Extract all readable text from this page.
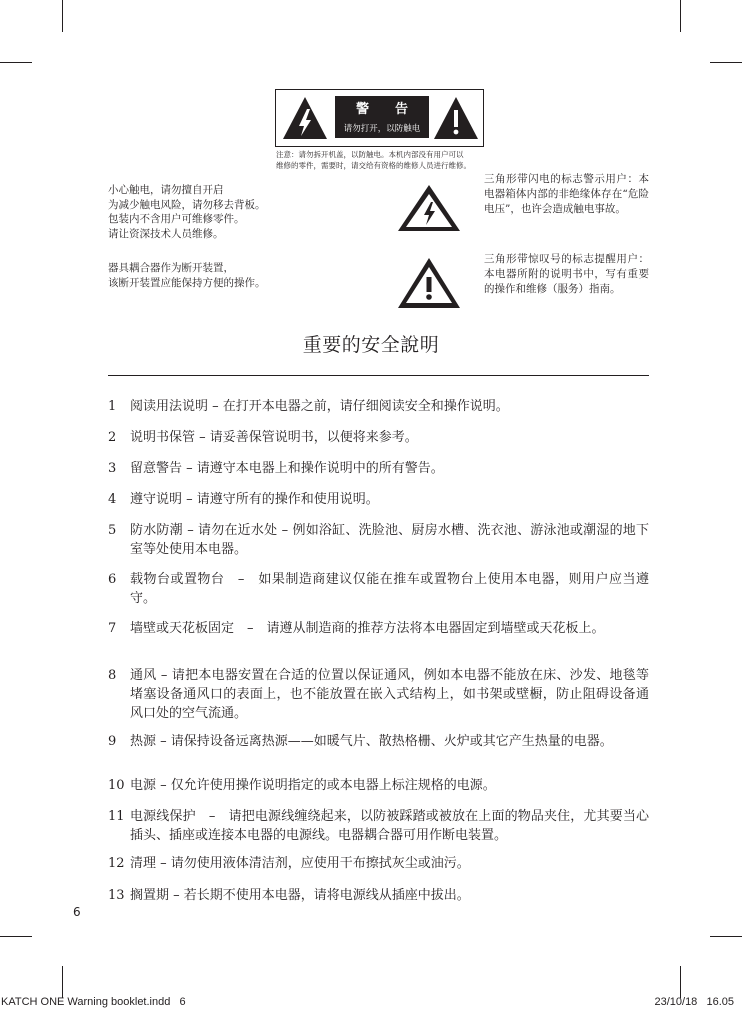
警　　告
请勿打开，以防触电
注意：请勿拆开机盖，以防触电。本机内部没有用户可以
维修的零件，需要时，请交给有资格的维修人员进行维修。
小心触电，请勿擅自开启
为减少触电风险，请勿移去背板。
包装内不含用户可维修零件。
请让资深技术人员维修。
器具耦合器作为断开装置，
该断开装置应能保持方便的操作。
三角形带闪电的标志警示用户：本电器箱体内部的非绝缘体存在“危险电压”，也许会造成触电事故。
三角形带惊叹号的标志提醒用户：本电器所附的说明书中，写有重要的操作和维修（服务）指南。
重要的安全說明
1 阅读用法说明 – 在打开本电器之前，请仔细阅读安全和操作说明。
2 说明书保管 – 请妥善保管说明书，以便将来参考。
3 留意警告 – 请遵守本电器上和操作说明中的所有警告。
4 遵守说明 – 请遵守所有的操作和使用说明。
5 防水防潮 – 请勿在近水处 – 例如浴缸、洗脸池、厨房水槽、洗衣池、游泳池或潮湿的地下室等处使用本电器。
6 载物台或置物台　–　如果制造商建议仅能在推车或置物台上使用本电器，则用户应当遵守。
7 墙壁或天花板固定　–　请遵从制造商的推荐方法将本电器固定到墙壁或天花板上。
8 通风 – 请把本电器安置在合适的位置以保证通风，例如本电器不能放在床、沙发、地毯等堵塞设备通风口的表面上，也不能放置在嵌入式结构上，如书架或壁橱，防止阻碍设备通风口处的空气流通。
9 热源 – 请保持设备远离热源——如暖气片、散热格栅、火炉或其它产生热量的电器。
10 电源 – 仅允许使用操作说明指定的或本电器上标注规格的电源。
11 电源线保护　–　请把电源线缠绕起来，以防被踩踏或被放在上面的物品夹住，尤其要当心插头、插座或连接本电器的电源线。电器耦合器可用作断电装置。
12 清理 – 请勿使用液体清洁剂，应使用干布擦拭灰尘或油污。
13 搁置期 – 若长期不使用本电器，请将电源线从插座中拔出。
6
KATCH ONE Warning booklet.indd   6	23/10/18   16.05
